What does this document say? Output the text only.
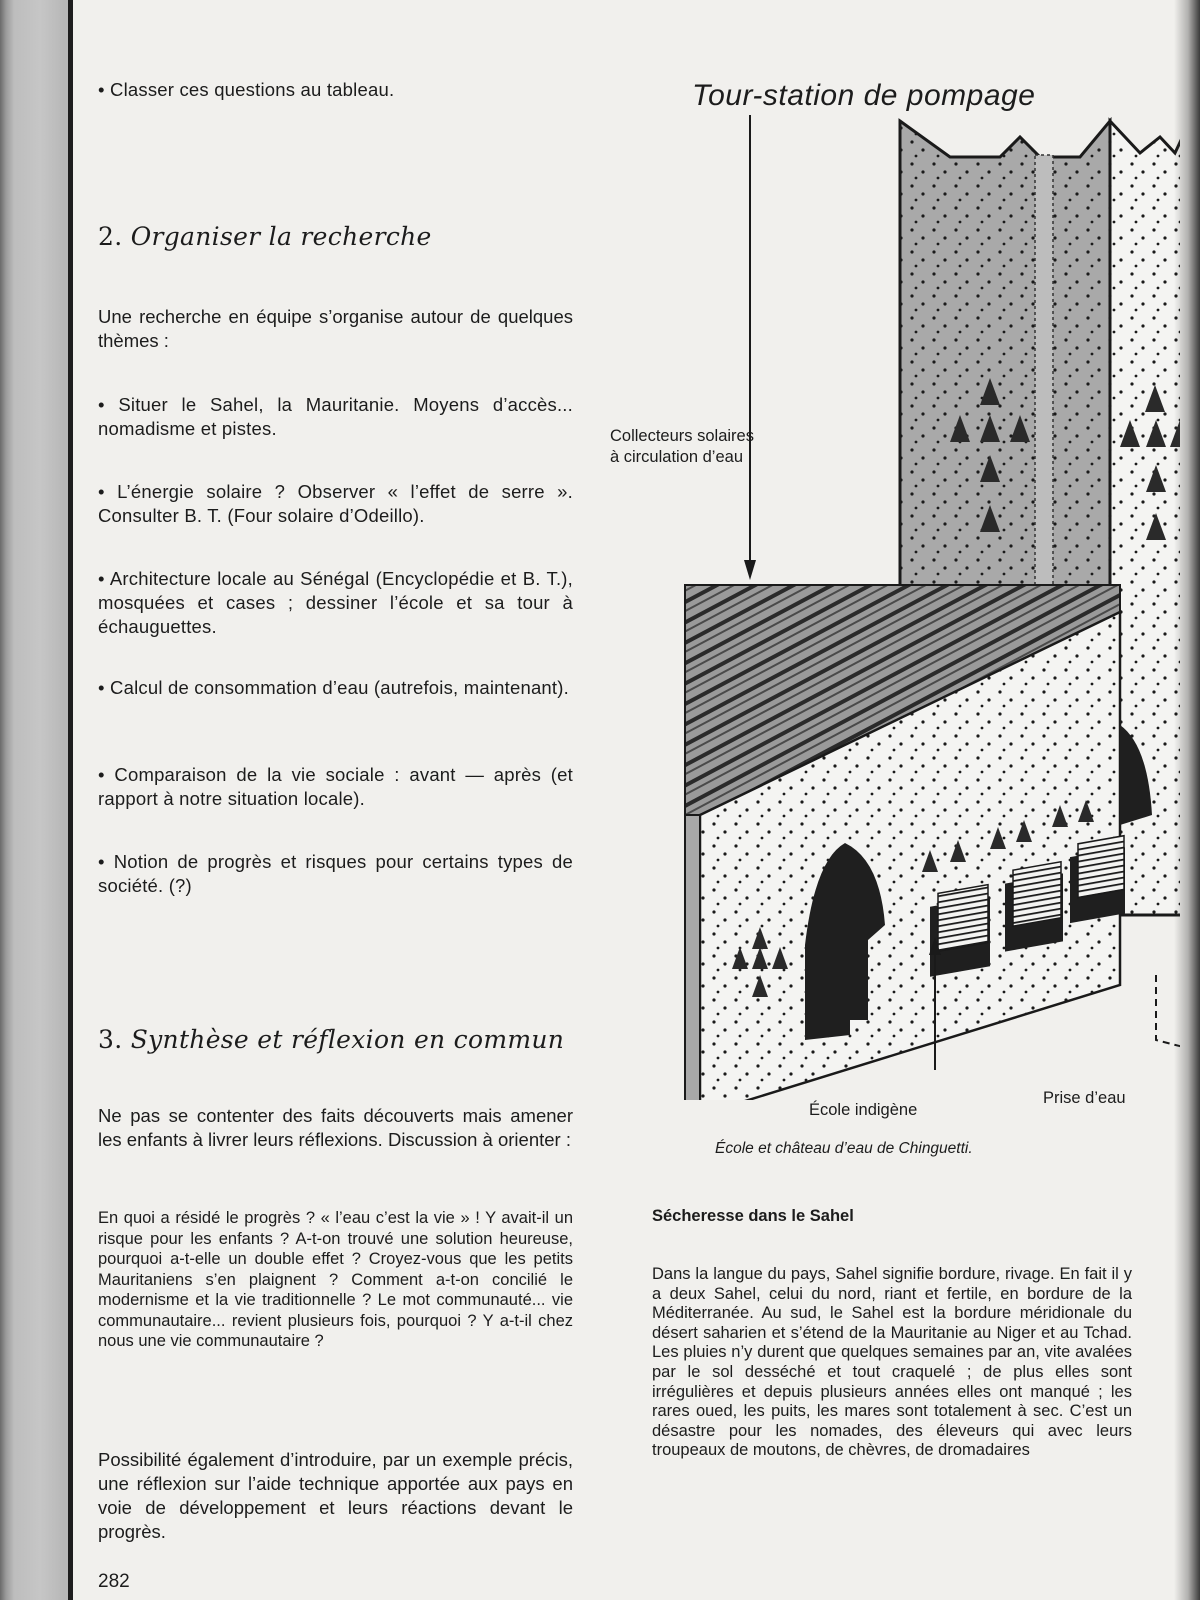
• Classer ces questions au tableau.

2. Organiser la recherche

Une recherche en équipe s’organise autour de quelques thèmes :

• Situer le Sahel, la Mauritanie. Moyens d’accès... nomadisme et pistes.

• L’énergie solaire ? Observer « l’effet de serre ». Consulter B. T. (Four solaire d’Odeillo).

• Architecture locale au Sénégal (Encyclopédie et B. T.), mosquées et cases ; dessiner l’école et sa tour à échauguettes.

• Calcul de consommation d’eau (autrefois, maintenant).

• Comparaison de la vie sociale : avant — après (et rapport à notre situation locale).

• Notion de progrès et risques pour certains types de société. (?)

3. Synthèse et réflexion en commun

Ne pas se contenter des faits découverts mais amener les enfants à livrer leurs réflexions. Discussion à orienter :

En quoi a résidé le progrès ? « l’eau c’est la vie » ! Y avait-il un risque pour les enfants ? A-t-on trouvé une solution heureuse, pourquoi a-t-elle un double effet ? Croyez-vous que les petits Mauritaniens s’en plaignent ? Comment a-t-on concilié le modernisme et la vie traditionnelle ? Le mot communauté... vie communautaire... revient plusieurs fois, pourquoi ? Y a-t-il chez nous une vie communautaire ?

Possibilité également d’introduire, par un exemple précis, une réflexion sur l’aide technique apportée aux pays en voie de développement et leurs réactions devant le progrès.

282
Tour-station de pompage
Collecteurs solaires
à circulation d’eau
Prise d’eau
École indigène
École et château d’eau de Chinguetti.
Sécheresse dans le Sahel

Dans la langue du pays, Sahel signifie bordure, rivage. En fait il y a deux Sahel, celui du nord, riant et fertile, en bordure de la Méditerranée. Au sud, le Sahel est la bordure méridionale du désert saharien et s’étend de la Mauritanie au Niger et au Tchad. Les pluies n’y durent que quelques semaines par an, vite avalées par le sol desséché et tout craquelé ; de plus elles sont irrégulières et depuis plusieurs années elles ont manqué ; les rares oued, les puits, les mares sont totalement à sec. C’est un désastre pour les nomades, des éleveurs qui avec leurs troupeaux de moutons, de chèvres, de dromadaires
